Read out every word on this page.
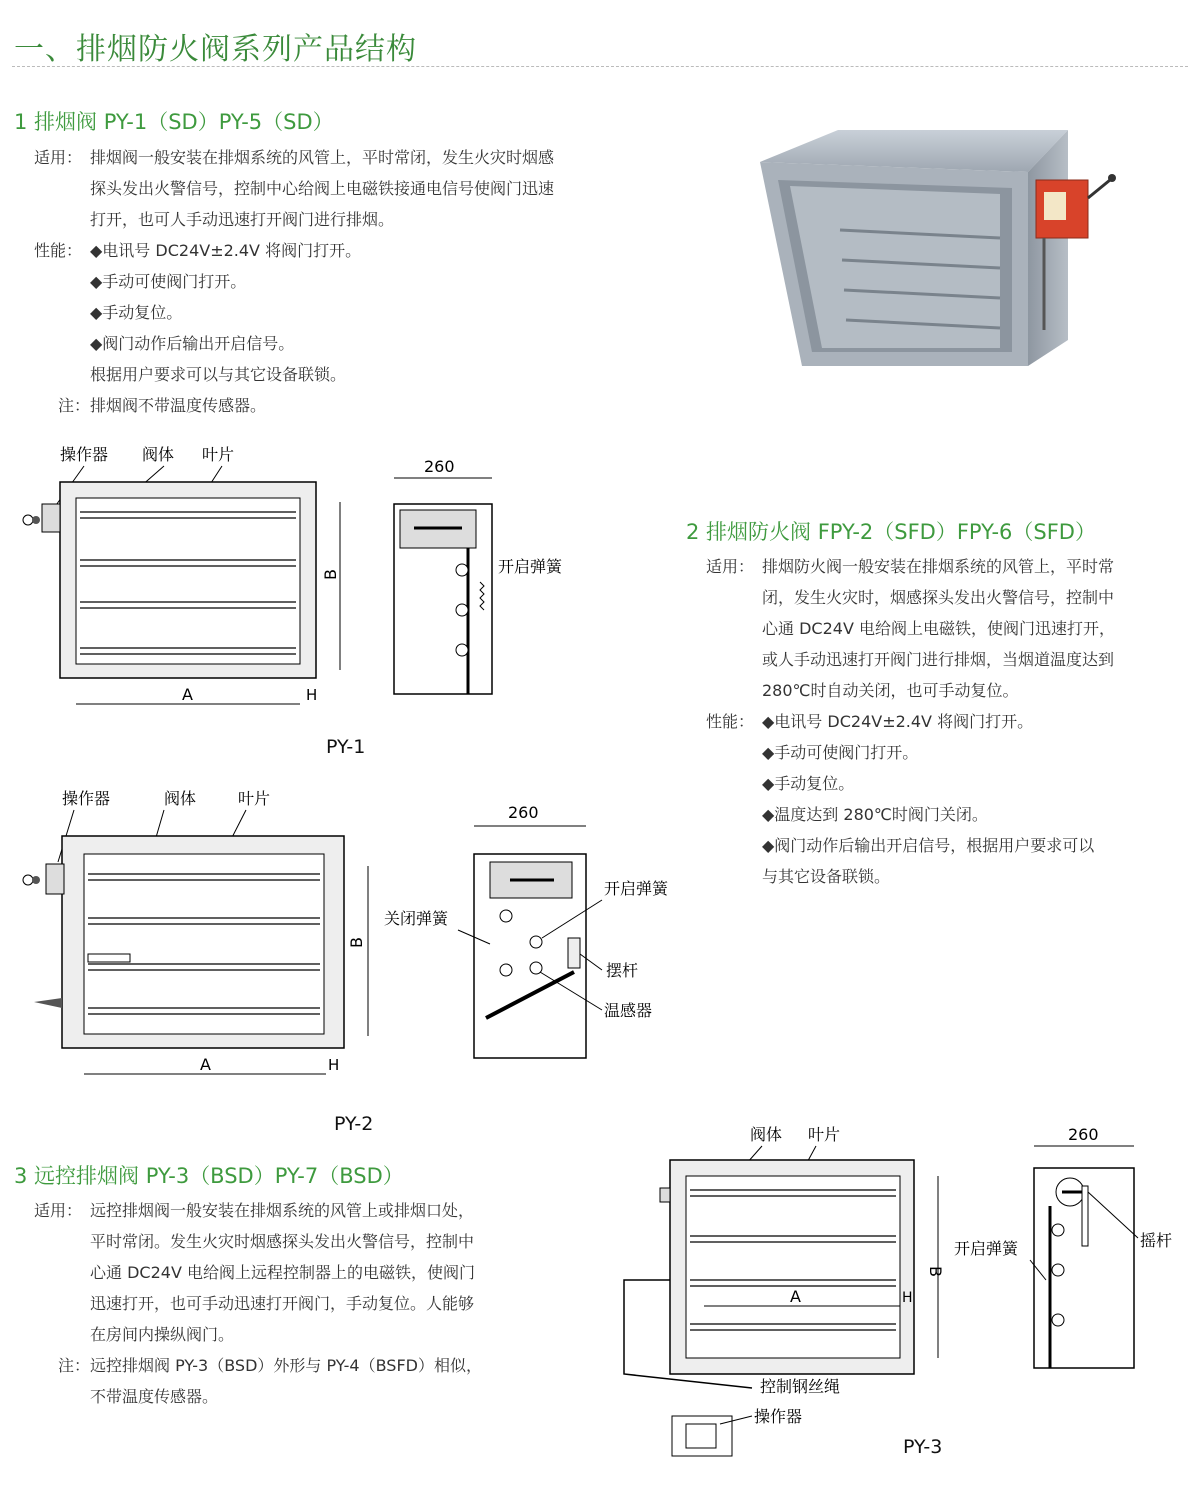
一、排烟防火阀系列产品结构
1 排烟阀 PY-1（SD）PY-5（SD）
适用： 排烟阀一般安装在排烟系统的风管上，平时常闭，发生火灾时烟感
探头发出火警信号，控制中心给阀上电磁铁接通电信号使阀门迅速
打开，也可人手动迅速打开阀门进行排烟。
性能： ◆电讯号 DC24V±2.4V 将阀门打开。
◆手动可使阀门打开。
◆手动复位。
◆阀门动作后输出开启信号。
根据用户要求可以与其它设备联锁。
注： 排烟阀不带温度传感器。
操作器 阀体 叶片
B
A	H
PY-1
260
开启弹簧
操作器	阀体	叶片
B
A	H
PY-2
260
开启弹簧
关闭弹簧
摆杆
温感器
2 排烟防火阀 FPY-2（SFD）FPY-6（SFD）
适用： 排烟防火阀一般安装在排烟系统的风管上，平时常
闭，发生火灾时，烟感探头发出火警信号，控制中
心通 DC24V 电给阀上电磁铁，使阀门迅速打开，
或人手动迅速打开阀门进行排烟，当烟道温度达到
280℃时自动关闭，也可手动复位。
性能： ◆电讯号 DC24V±2.4V 将阀门打开。
◆手动可使阀门打开。
◆手动复位。
◆温度达到 280℃时阀门关闭。
◆阀门动作后输出开启信号，根据用户要求可以
与其它设备联锁。
3 远控排烟阀 PY-3（BSD）PY-7（BSD）
适用： 远控排烟阀一般安装在排烟系统的风管上或排烟口处，
平时常闭。发生火灾时烟感探头发出火警信号，控制中
心通 DC24V 电给阀上远程控制器上的电磁铁，使阀门
迅速打开，也可手动迅速打开阀门，手动复位。人能够
在房间内操纵阀门。
注： 远控排烟阀 PY-3（BSD）外形与 PY-4（BSFD）相似，
不带温度传感器。
阀体 叶片
A	H
B
控制钢丝绳
操作器
PY-3
260
摇杆
开启弹簧
